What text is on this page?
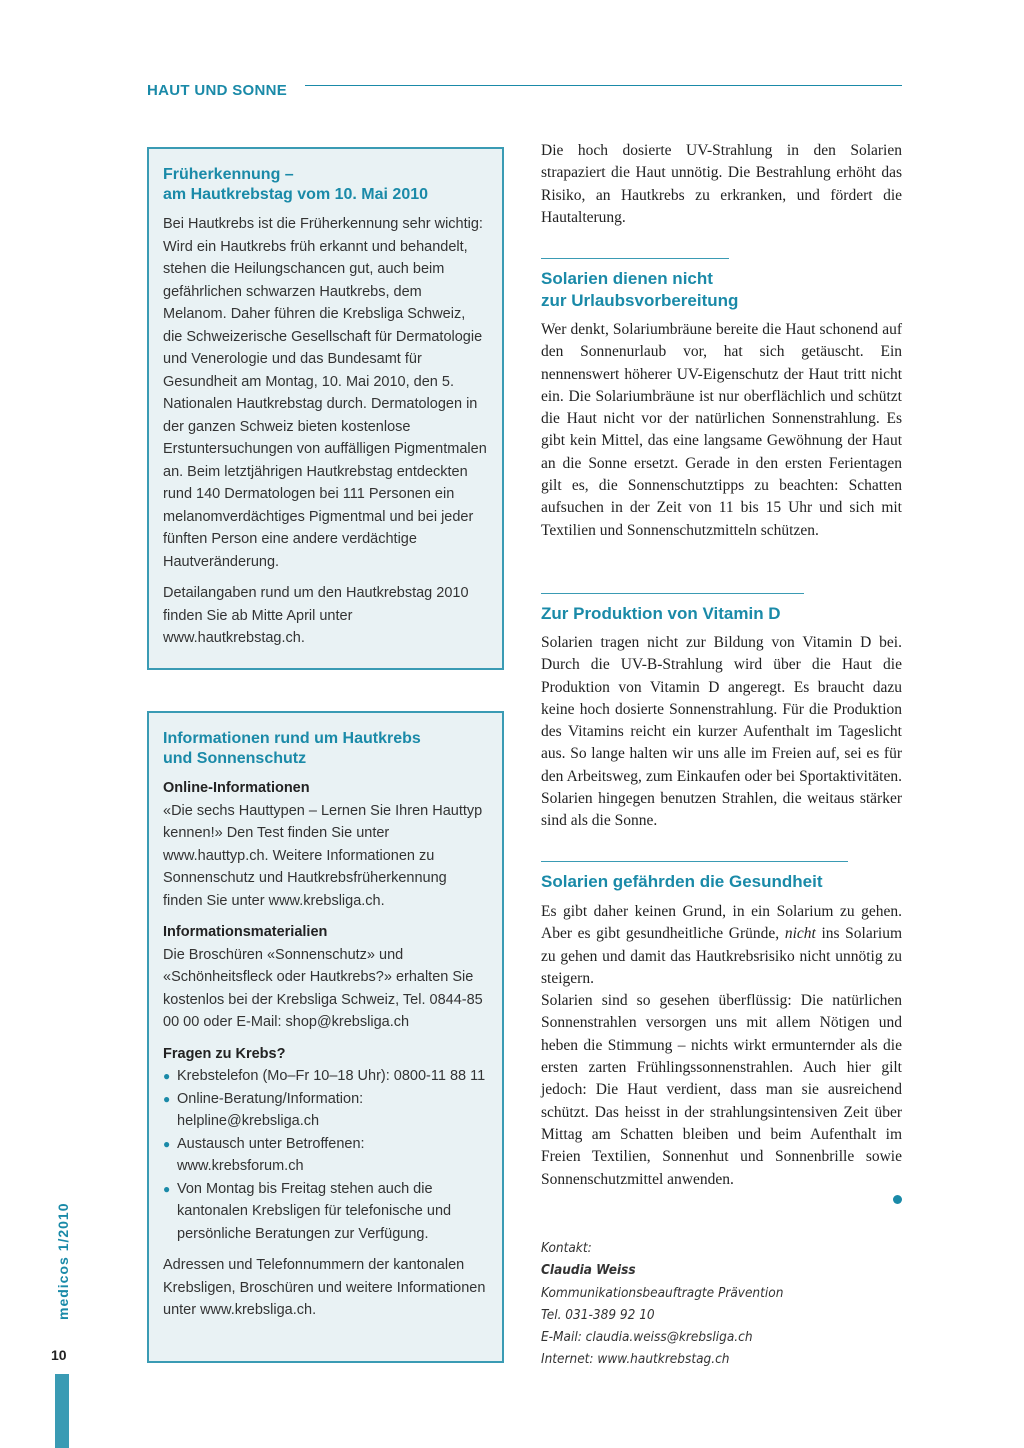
HAUT UND SONNE
Früherkennung –
am Hautkrebstag vom 10. Mai 2010

Bei Hautkrebs ist die Früherkennung sehr wichtig: Wird ein Hautkrebs früh erkannt und behandelt, stehen die Heilungschancen gut, auch beim gefährlichen schwarzen Hautkrebs, dem Melanom. Daher führen die Krebsliga Schweiz, die Schweizerische Gesellschaft für Dermatologie und Venerologie und das Bundesamt für Gesundheit am Montag, 10. Mai 2010, den 5. Nationalen Hautkrebstag durch. Dermatologen in der ganzen Schweiz bieten kostenlose Erstuntersuchungen von auffälligen Pigmentmalen an. Beim letztjährigen Hautkrebstag entdeckten rund 140 Dermatologen bei 111 Personen ein melanomverdächtiges Pigmentmal und bei jeder fünften Person eine andere verdächtige Hautveränderung.

Detailangaben rund um den Hautkrebstag 2010 finden Sie ab Mitte April unter www.hautkrebstag.ch.

Informationen rund um Hautkrebs
und Sonnenschutz
Online-Informationen

«Die sechs Hauttypen – Lernen Sie Ihren Hauttyp kennen!» Den Test finden Sie unter www.hauttyp.ch. Weitere Informationen zu Sonnenschutz und Hautkrebsfrüherkennung finden Sie unter www.krebsliga.ch.

Informationsmaterialien

Die Broschüren «Sonnenschutz» und «Schönheitsfleck oder Hautkrebs?» erhalten Sie kostenlos bei der Krebsliga Schweiz, Tel. 0844-85 00 00 oder E-Mail: shop@krebsliga.ch

Fragen zu Krebs?
● Krebstelefon (Mo–Fr 10–18 Uhr): 0800-11 88 11
● Online-Beratung/Information: helpline@krebsliga.ch
● Austausch unter Betroffenen: www.krebsforum.ch
● Von Montag bis Freitag stehen auch die kantonalen Krebsligen für telefonische und persönliche Beratungen zur Verfügung.

Adressen und Telefonnummern der kantonalen Krebsligen, Broschüren und weitere Informationen unter www.krebsliga.ch.

Die hoch dosierte UV-Strahlung in den Solarien strapaziert die Haut unnötig. Die Bestrahlung erhöht das Risiko, an Hautkrebs zu erkranken, und fördert die Hautalterung.

Solarien dienen nicht
zur Urlaubsvorbereitung

Wer denkt, Solariumbräune bereite die Haut schonend auf den Sonnenurlaub vor, hat sich getäuscht. Ein nennenswert höherer UV-Eigenschutz der Haut tritt nicht ein. Die Solariumbräune ist nur oberflächlich und schützt die Haut nicht vor der natürlichen Sonnenstrahlung. Es gibt kein Mittel, das eine langsame Gewöhnung der Haut an die Sonne ersetzt. Gerade in den ersten Ferientagen gilt es, die Sonnenschutztipps zu beachten: Schatten aufsuchen in der Zeit von 11 bis 15 Uhr und sich mit Textilien und Sonnenschutzmitteln schützen.

Zur Produktion von Vitamin D

Solarien tragen nicht zur Bildung von Vitamin D bei. Durch die UV-B-Strahlung wird über die Haut die Produktion von Vitamin D angeregt. Es braucht dazu keine hoch dosierte Sonnenstrahlung. Für die Produktion des Vitamins reicht ein kurzer Aufenthalt im Tageslicht aus. So lange halten wir uns alle im Freien auf, sei es für den Arbeitsweg, zum Einkaufen oder bei Sportaktivitäten. Solarien hingegen benutzen Strahlen, die weitaus stärker sind als die Sonne.

Solarien gefährden die Gesundheit

Es gibt daher keinen Grund, in ein Solarium zu gehen. Aber es gibt gesundheitliche Gründe, nicht ins Solarium zu gehen und damit das Hautkrebsrisiko nicht unnötig zu steigern.

Solarien sind so gesehen überflüssig: Die natürlichen Sonnenstrahlen versorgen uns mit allem Nötigen und heben die Stimmung – nichts wirkt ermunternder als die ersten zarten Frühlingssonnenstrahlen. Auch hier gilt jedoch: Die Haut verdient, dass man sie ausreichend schützt. Das heisst in der strahlungsintensiven Zeit über Mittag am Schatten bleiben und beim Aufenthalt im Freien Textilien, Sonnenhut und Sonnenbrille sowie Sonnenschutzmittel anwenden.

Kontakt:
Claudia Weiss
Kommunikationsbeauftragte Prävention
Tel. 031-389 92 10
E-Mail: claudia.weiss@krebsliga.ch
Internet: www.hautkrebstag.ch
medicos 1/2010
10
